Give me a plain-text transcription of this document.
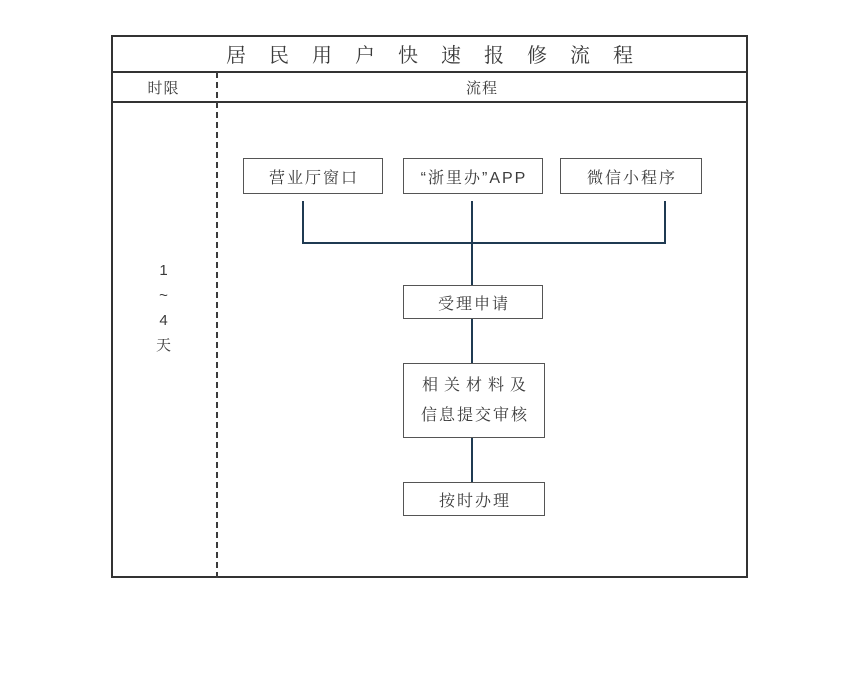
居民用户快速报修流程
时限	流程
1
~
4
天
营业厅窗口	“浙里办”APP	微信小程序
受理申请
相关材料及
信息提交审核
按时办理
